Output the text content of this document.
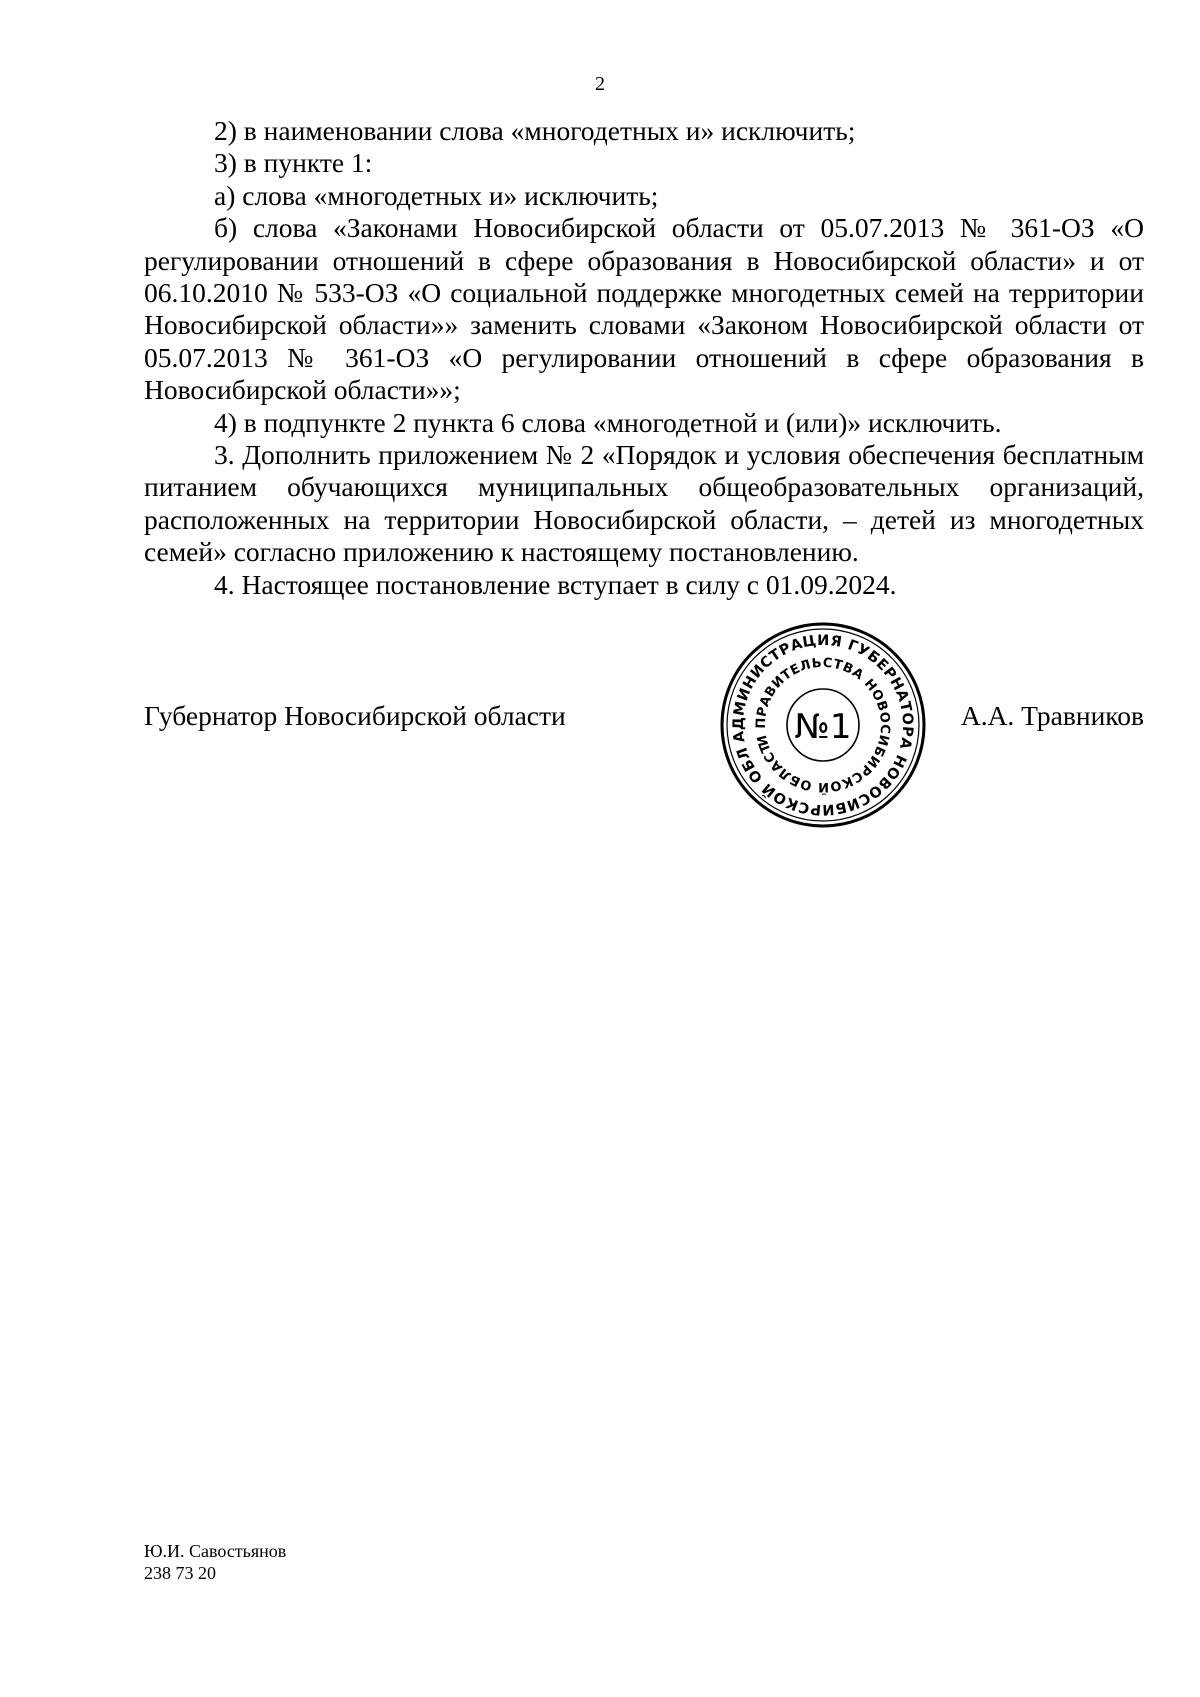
2

2) в наименовании слова «многодетных и» исключить;

3) в пункте 1:

а) слова «многодетных и» исключить;

б) слова «Законами Новосибирской области от 05.07.2013 № 361-ОЗ «О регулировании отношений в сфере образования в Новосибирской области» и от 06.10.2010 № 533-ОЗ «О социальной поддержке многодетных семей на территории Новосибирской области»» заменить словами «Законом Новосибирской области от 05.07.2013 № 361-ОЗ «О регулировании отношений в сфере образования в Новосибирской области»»;

4) в подпункте 2 пункта 6 слова «многодетной и (или)» исключить.

3. Дополнить приложением № 2 «Порядок и условия обеспечения бесплатным питанием обучающихся муниципальных общеобразовательных организаций, расположенных на территории Новосибирской области, – детей из многодетных семей» согласно приложению к настоящему постановлению.

4. Настоящее постановление вступает в силу с 01.09.2024.

Губернатор Новосибирской области
АДМИНИСТРАЦИЯ ГУБЕРНАТОРА НОВОСИБИРСКОЙ ОБЛАСТИ
И ПРАВИТЕЛЬСТВА НОВОСИБИРСКОЙ ОБЛАСТИ
№1	А.А. Травников
Ю.И. Савостьянов
238 73 20
